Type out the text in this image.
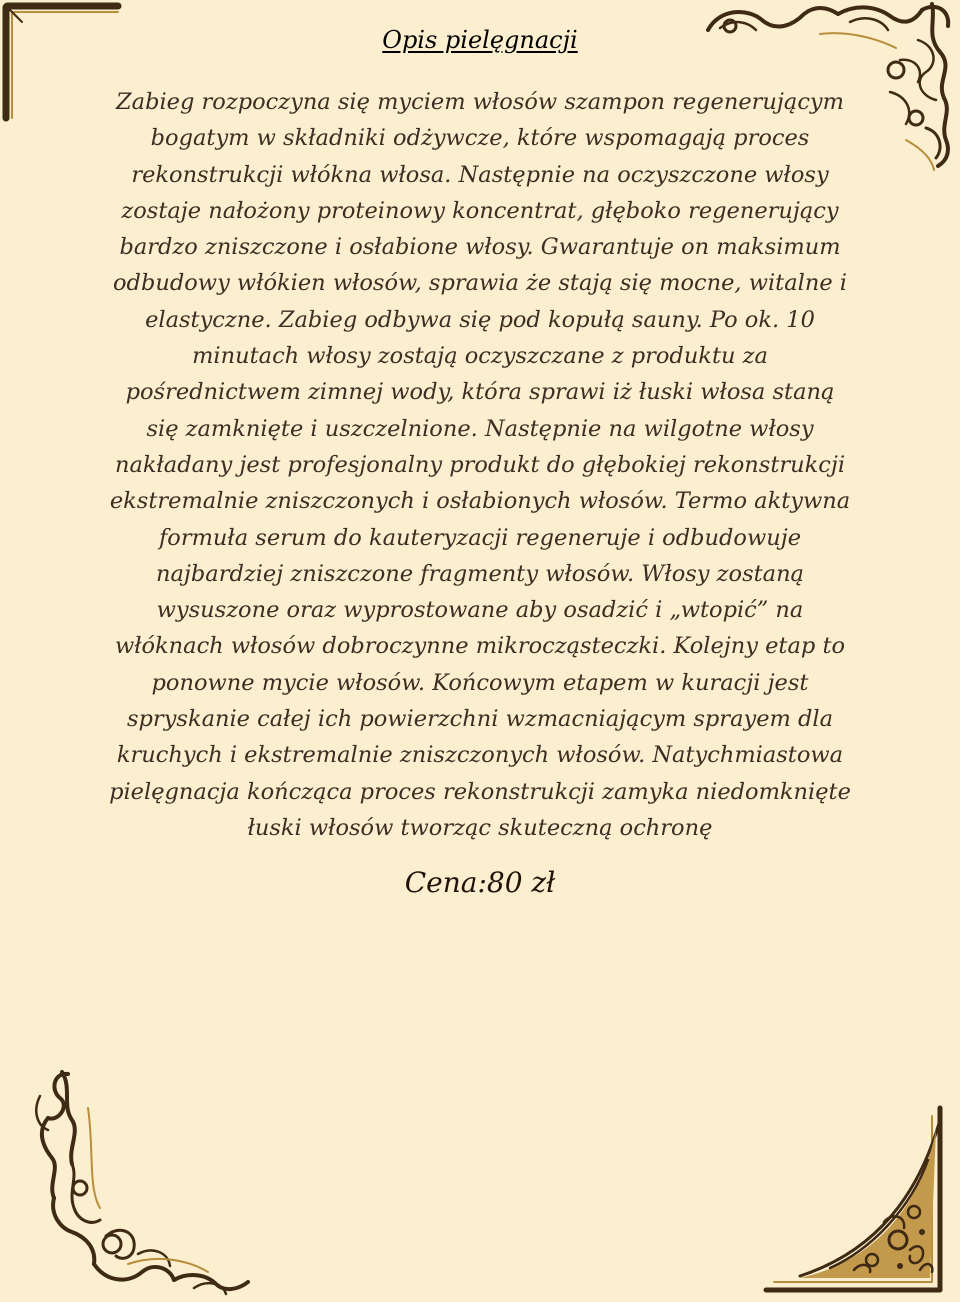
Opis pielęgnacji

Zabieg rozpoczyna się myciem włosów szampon regenerującym bogatym w składniki odżywcze, które wspomagają proces rekonstrukcji włókna włosa. Następnie na oczyszczone włosy zostaje nałożony proteinowy koncentrat, głęboko regenerujący bardzo zniszczone i osłabione włosy. Gwarantuje on maksimum odbudowy włókien włosów, sprawia że stają się mocne, witalne i elastyczne. Zabieg odbywa się pod kopułą sauny. Po ok. 10 minutach włosy zostają oczyszczane z produktu za pośrednictwem zimnej wody, która sprawi iż łuski włosa staną się zamknięte i uszczelnione. Następnie na wilgotne włosy nakładany jest profesjonalny produkt do głębokiej rekonstrukcji ekstremalnie zniszczonych i osłabionych włosów. Termo aktywna formuła serum do kauteryzacji regeneruje i odbudowuje najbardziej zniszczone fragmenty włosów. Włosy zostaną wysuszone oraz wyprostowane aby osadzić i „wtopić” na włóknach włosów dobroczynne mikrocząsteczki. Kolejny etap to ponowne mycie włosów. Końcowym etapem w kuracji jest spryskanie całej ich powierzchni wzmacniającym sprayem dla kruchych i ekstremalnie zniszczonych włosów. Natychmiastowa pielęgnacja kończąca proces rekonstrukcji zamyka niedomknięte łuski włosów tworząc skuteczną ochronę

Cena:80 zł
